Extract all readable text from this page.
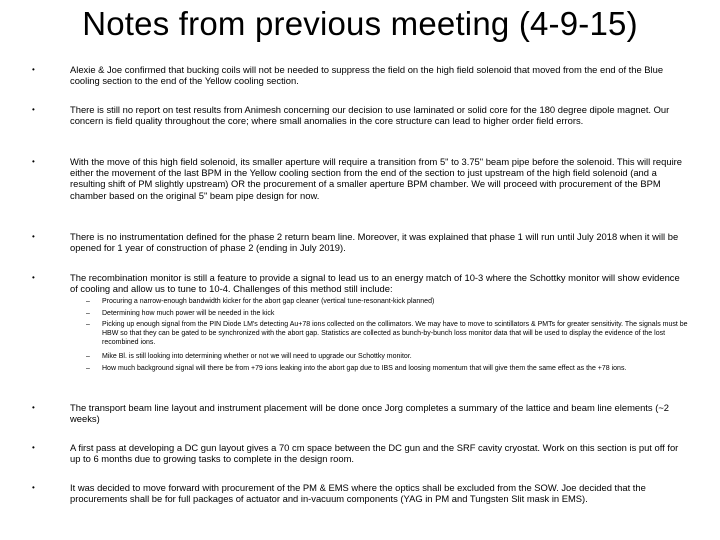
Notes from previous meeting (4-9-15)
•	Alexie & Joe confirmed that bucking coils will not be needed to suppress the field on the high field solenoid that moved from the end of the Blue cooling section to the end of the Yellow cooling section.
•	There is still no report on test results from Animesh concerning our decision to use laminated or solid core for the 180 degree dipole magnet. Our concern is field quality throughout the core; where small anomalies in the core structure can lead to higher order field errors.
•	With the move of this high field solenoid, its smaller aperture will require a transition from 5" to 3.75" beam pipe before the solenoid. This will require either the movement of the last BPM in the Yellow cooling section from the end of the section to just upstream of the high field solenoid (and a resulting shift of PM slightly upstream) OR the procurement of a smaller aperture BPM chamber. We will proceed with procurement of the BPM chamber based on the original 5" beam pipe design for now.
•	There is no instrumentation defined for the phase 2 return beam line. Moreover, it was explained that phase 1 will run until July 2018 when it will be opened for 1 year of construction of phase 2 (ending in July 2019).
•	The recombination monitor is still a feature to provide a signal to lead us to an energy match of 10-3 where the Schottky monitor will show evidence of cooling and allow us to tune to 10-4. Challenges of this method still include:
– Procuring a narrow-enough bandwidth kicker for the abort gap cleaner (vertical tune-resonant-kick planned)
– Determining how much power will be needed in the kick
– Picking up enough signal from the PIN Diode LM's detecting Au+78 ions collected on the collimators. We may have to move to scintillators & PMTs for greater sensitivity. The signals must be HBW so that they can be gated to be synchronized with the abort gap. Statistics are collected as bunch-by-bunch loss monitor data that will be used to display the evidence of the lost recombined ions.
– Mike Bl. is still looking into determining whether or not we will need to upgrade our Schottky monitor.
– How much background signal will there be from +79 ions leaking into the abort gap due to IBS and loosing momentum that will give them the same effect as the +78 ions.
•	The transport beam line layout and instrument placement will be done once Jorg completes a summary of the lattice and beam line elements (~2 weeks)
•	A first pass at developing a DC gun layout gives a 70 cm space between the DC gun and the SRF cavity cryostat. Work on this section is put off for up to 6 months due to growing tasks to complete in the design room.
•	It was decided to move forward with procurement of the PM & EMS where the optics shall be excluded from the SOW. Joe decided that the procurements shall be for full packages of actuator and in-vacuum components (YAG in PM and Tungsten Slit mask in EMS).
